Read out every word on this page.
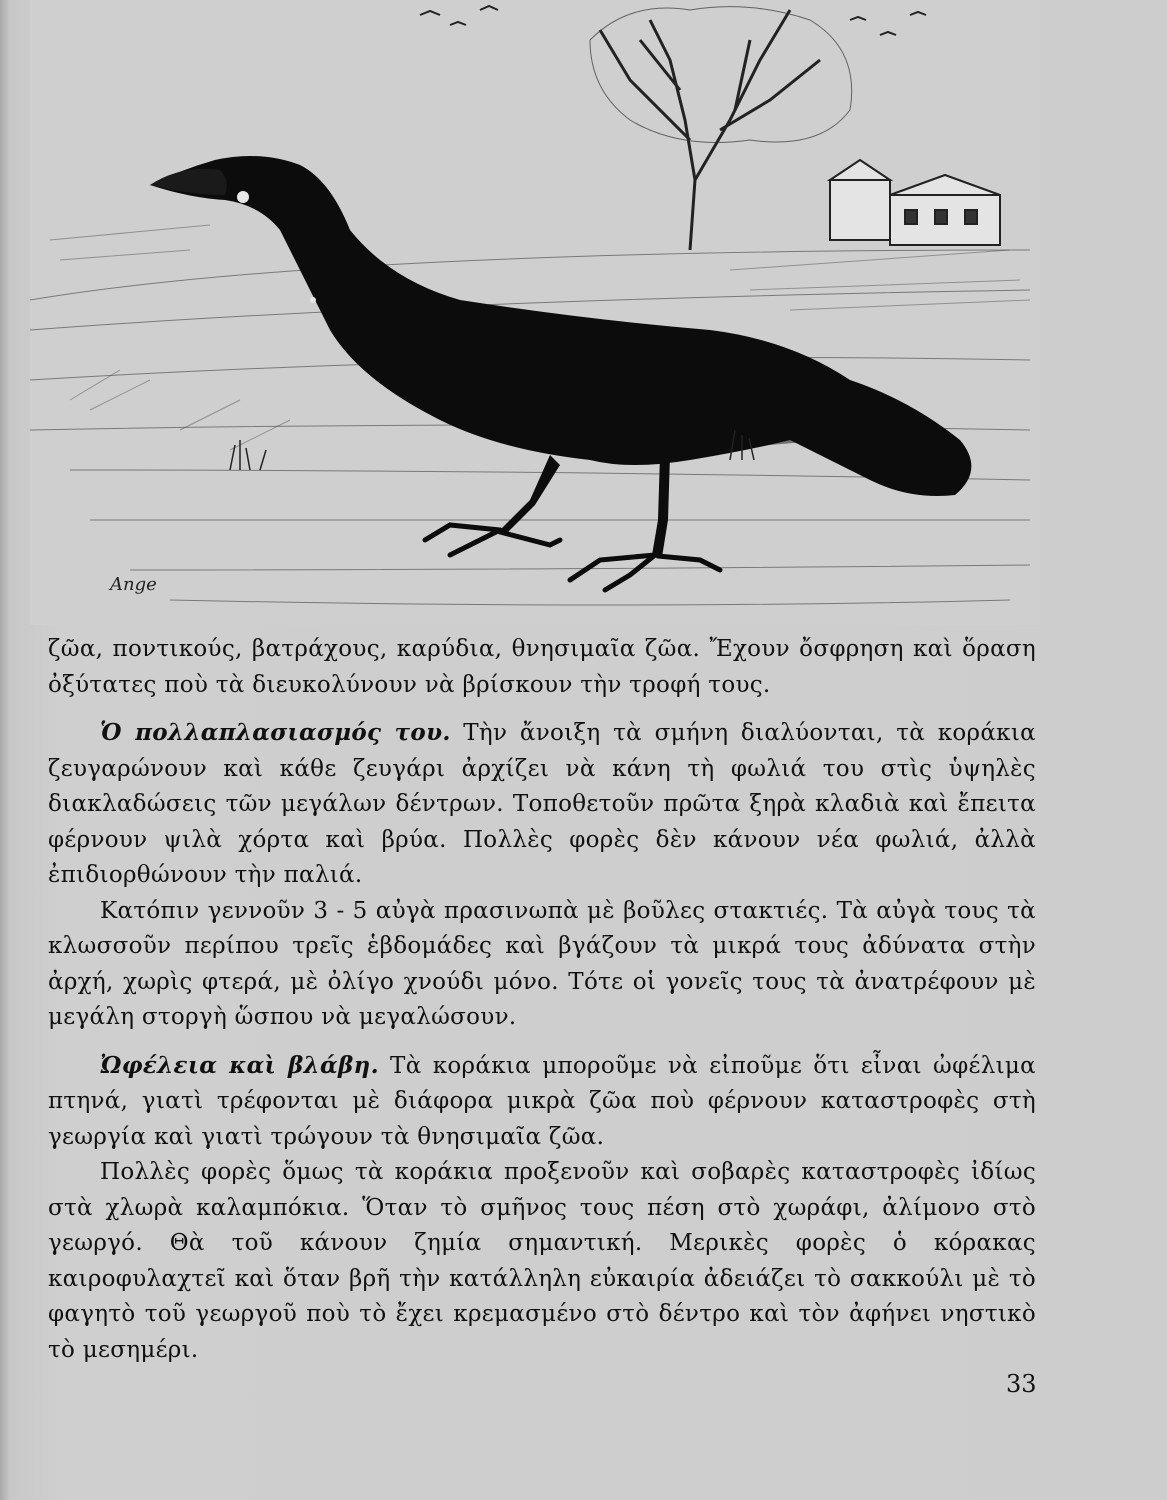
Ange

ζῶα, ποντικούς, βατράχους, καρύδια, θνησιμαῖα ζῶα. Ἔχουν ὄσφρηση καὶ ὅραση ὀξύτατες ποὺ τὰ διευκολύνουν νὰ βρίσκουν τὴν τροφή τους.

Ὁ πολλαπλασιασμός του. Τὴν ἄνοιξη τὰ σμήνη διαλύονται, τὰ κοράκια ζευγαρώνουν καὶ κάθε ζευγάρι ἀρχίζει νὰ κάνη τὴ φωλιά του στὶς ὑψηλὲς διακλαδώσεις τῶν μεγάλων δέντρων. Τοποθετοῦν πρῶτα ξηρὰ κλαδιὰ καὶ ἔπειτα φέρνουν ψιλὰ χόρτα καὶ βρύα. Πολλὲς φορὲς δὲν κάνουν νέα φωλιά, ἀλλὰ ἐπιδιορθώνουν τὴν παλιά.

Κατόπιν γεννοῦν 3 - 5 αὐγὰ πρασινωπὰ μὲ βοῦλες στακτιές. Τὰ αὐγὰ τους τὰ κλωσσοῦν περίπου τρεῖς ἑβδομάδες καὶ βγάζουν τὰ μικρά τους ἀδύνατα στὴν ἀρχή, χωρὶς φτερά, μὲ ὀλίγο χνούδι μόνο. Τότε οἱ γονεῖς τους τὰ ἀνατρέφουν μὲ μεγάλη στοργὴ ὥσπου νὰ μεγαλώσουν.

Ὠφέλεια καὶ βλάβη. Τὰ κοράκια μποροῦμε νὰ εἰποῦμε ὅτι εἶναι ὠφέλιμα πτηνά, γιατὶ τρέφονται μὲ διάφορα μικρὰ ζῶα ποὺ φέρνουν καταστροφὲς στὴ γεωργία καὶ γιατὶ τρώγουν τὰ θνησιμαῖα ζῶα.

Πολλὲς φορὲς ὅμως τὰ κοράκια προξενοῦν καὶ σοβαρὲς καταστροφὲς ἰδίως στὰ χλωρὰ καλαμπόκια. Ὅταν τὸ σμῆνος τους πέση στὸ χωράφι, ἀλίμονο στὸ γεωργό. Θὰ τοῦ κάνουν ζημία σημαντική. Μερικὲς φορὲς ὁ κόρακας καιροφυλαχτεῖ καὶ ὅταν βρῆ τὴν κατάλληλη εὐκαιρία ἀδειάζει τὸ σακκούλι μὲ τὸ φαγητὸ τοῦ γεωργοῦ ποὺ τὸ ἔχει κρεμασμένο στὸ δέντρο καὶ τὸν ἀφήνει νηστικὸ τὸ μεσημέρι.

33
